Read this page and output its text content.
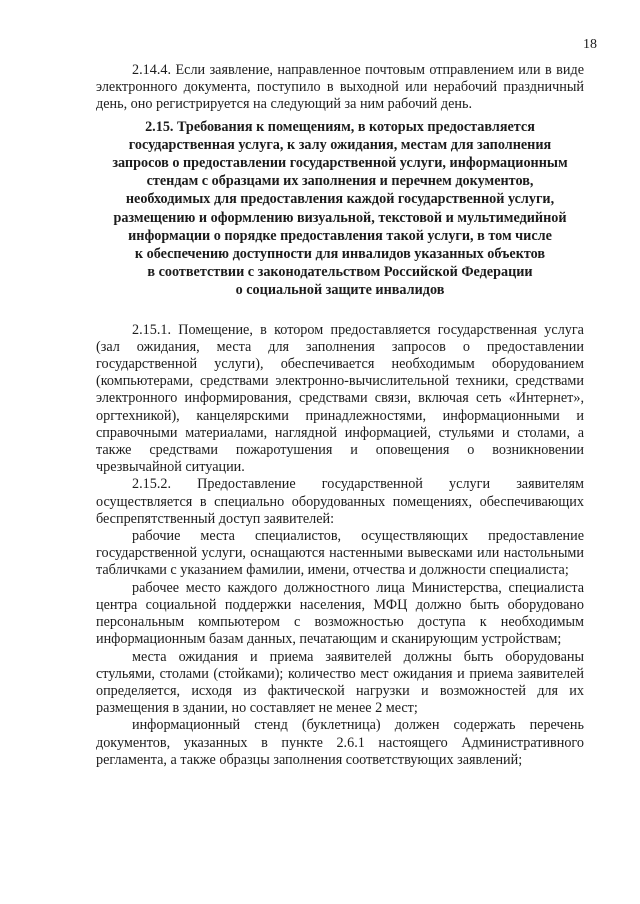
18

2.14.4. Если заявление, направленное почтовым отправлением или в виде электронного документа, поступило в выходной или нерабочий праздничный день, оно регистрируется на следующий за ним рабочий день.

2.15. Требования к помещениям, в которых предоставляется
государственная услуга, к залу ожидания, местам для заполнения
запросов о предоставлении государственной услуги, информационным
стендам с образцами их заполнения и перечнем документов,
необходимых для предоставления каждой государственной услуги,
размещению и оформлению визуальной, текстовой и мультимедийной
информации о порядке предоставления такой услуги, в том числе
к обеспечению доступности для инвалидов указанных объектов
в соответствии с законодательством Российской Федерации
о социальной защите инвалидов

2.15.1. Помещение, в котором предоставляется государственная услуга (зал ожидания, места для заполнения запросов о предоставлении государственной услуги), обеспечивается необходимым оборудованием (компьютерами, средствами электронно-вычислительной техники, средствами электронного информирования, средствами связи, включая сеть «Интернет», оргтехникой), канцелярскими принадлежностями, информационными и справочными материалами, наглядной информацией, стульями и столами, а также средствами пожаротушения и оповещения о возникновении чрезвычайной ситуации.

2.15.2. Предоставление государственной услуги заявителям осуществляется в специально оборудованных помещениях, обеспечивающих беспрепятственный доступ заявителей:

рабочие места специалистов, осуществляющих предоставление государственной услуги, оснащаются настенными вывесками или настольными табличками с указанием фамилии, имени, отчества и должности специалиста;

рабочее место каждого должностного лица Министерства, специалиста центра социальной поддержки населения, МФЦ должно быть оборудовано персональным компьютером с возможностью доступа к необходимым информационным базам данных, печатающим и сканирующим устройствам;

места ожидания и приема заявителей должны быть оборудованы стульями, столами (стойками); количество мест ожидания и приема заявителей определяется, исходя из фактической нагрузки и возможностей для их размещения в здании, но составляет не менее 2 мест;

информационный стенд (буклетница) должен содержать перечень документов, указанных в пункте 2.6.1 настоящего Административного регламента, а также образцы заполнения соответствующих заявлений;
